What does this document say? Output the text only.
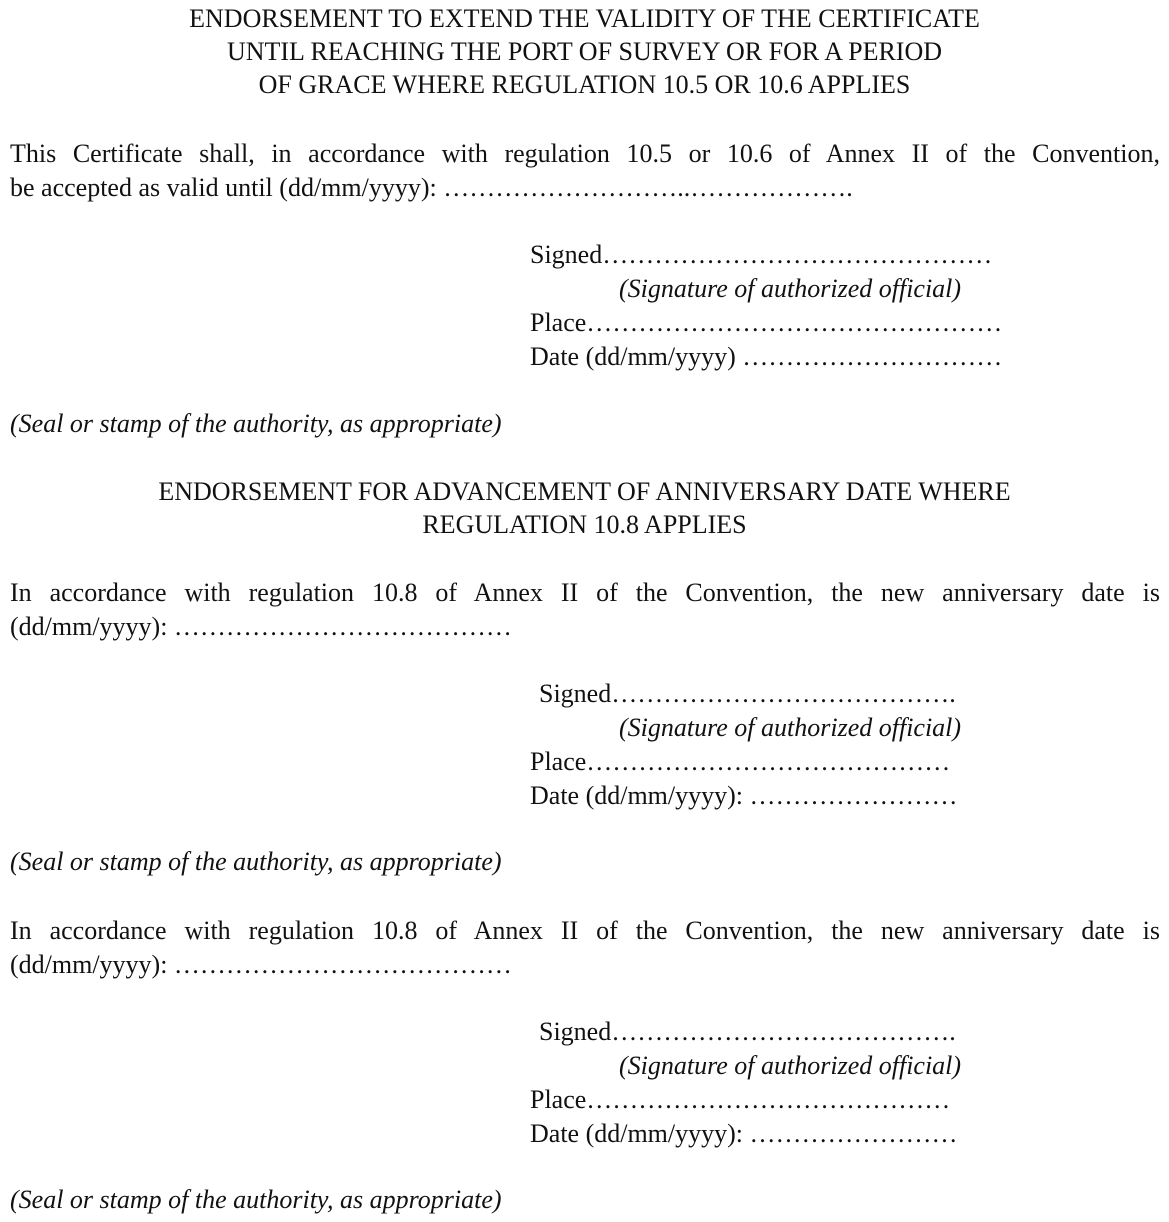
ENDORSEMENT TO EXTEND THE VALIDITY OF THE CERTIFICATE
UNTIL REACHING THE PORT OF SURVEY OR FOR A PERIOD
OF GRACE WHERE REGULATION 10.5 OR 10.6 APPLIES

This Certificate shall, in accordance with regulation 10.5 or 10.6 of Annex II of the Convention,
be accepted as valid until (dd/mm/yyyy): ………………………..……………….

Signed………………………………………

(Signature of authorized official)

Place…………………………………………

Date (dd/mm/yyyy) …………………………

(Seal or stamp of the authority, as appropriate)

ENDORSEMENT FOR ADVANCEMENT OF ANNIVERSARY DATE WHERE
REGULATION 10.8 APPLIES

In accordance with regulation 10.8 of Annex II of the Convention, the new anniversary date is
(dd/mm/yyyy): …………………………………

Signed………………………………….

(Signature of authorized official)

Place……………………………………

Date (dd/mm/yyyy): ……………………

(Seal or stamp of the authority, as appropriate)

In accordance with regulation 10.8 of Annex II of the Convention, the new anniversary date is
(dd/mm/yyyy): …………………………………

Signed………………………………….

(Signature of authorized official)

Place……………………………………

Date (dd/mm/yyyy): ……………………

(Seal or stamp of the authority, as appropriate)
